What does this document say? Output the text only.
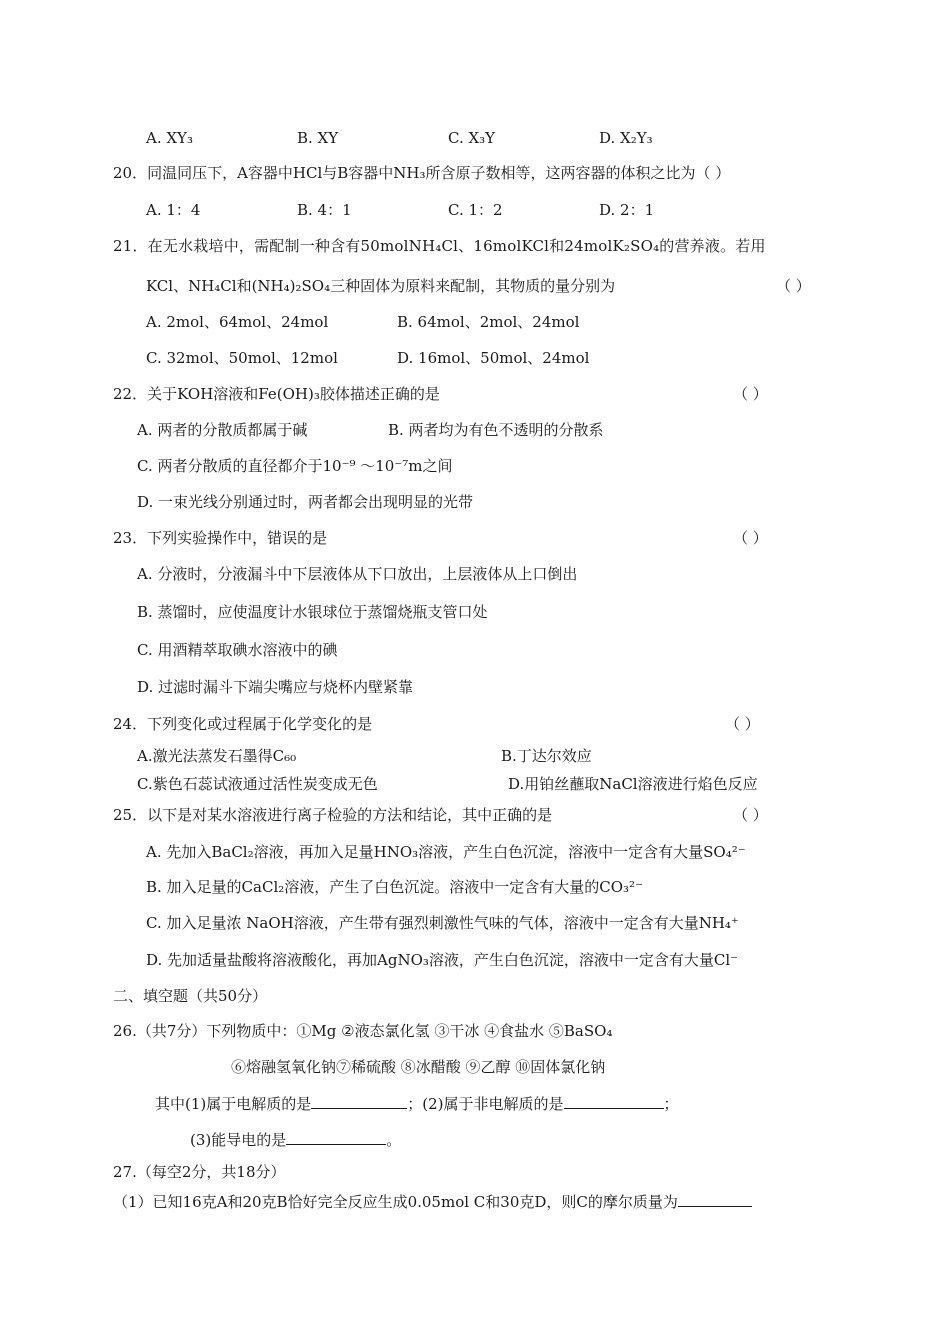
A. XY₃	B. XY	C. X₃Y	D. X₂Y₃
20．同温同压下，A容器中HCl与B容器中NH₃所含原子数相等，这两容器的体积之比为（ ）
A. 1：4	B. 4：1	C. 1：2	D. 2：1
21．在无水栽培中，需配制一种含有50molNH₄Cl、16molKCl和24molK₂SO₄的营养液。若用
KCl、NH₄Cl和(NH₄)₂SO₄三种固体为原料来配制，其物质的量分别为	（ ）
A. 2mol、64mol、24mol	B. 64mol、2mol、24mol
C. 32mol、50mol、12mol	D. 16mol、50mol、24mol
22．关于KOH溶液和Fe(OH)₃胶体描述正确的是	（ ）
A. 两者的分散质都属于碱	B. 两者均为有色不透明的分散系
C. 两者分散质的直径都介于10⁻⁹ ～10⁻⁷m之间
D. 一束光线分别通过时，两者都会出现明显的光带
23．下列实验操作中，错误的是	（ ）
A. 分液时，分液漏斗中下层液体从下口放出，上层液体从上口倒出
B. 蒸馏时，应使温度计水银球位于蒸馏烧瓶支管口处
C. 用酒精萃取碘水溶液中的碘
D. 过滤时漏斗下端尖嘴应与烧杯内壁紧靠
24．下列变化或过程属于化学变化的是	（ ）
A.激光法蒸发石墨得C₆₀	B.丁达尔效应
C.紫色石蕊试液通过活性炭变成无色	D.用铂丝蘸取NaCl溶液进行焰色反应
25．以下是对某水溶液进行离子检验的方法和结论，其中正确的是	（ ）
A. 先加入BaCl₂溶液，再加入足量HNO₃溶液，产生白色沉淀，溶液中一定含有大量SO₄²⁻
B. 加入足量的CaCl₂溶液，产生了白色沉淀。溶液中一定含有大量的CO₃²⁻
C. 加入足量浓 NaOH溶液，产生带有强烈刺激性气味的气体，溶液中一定含有大量NH₄⁺
D. 先加适量盐酸将溶液酸化，再加AgNO₃溶液，产生白色沉淀，溶液中一定含有大量Cl⁻
二、填空题（共50分）
26.（共7分）下列物质中：①Mg ②液态氯化氢 ③干冰 ④食盐水 ⑤BaSO₄
⑥熔融氢氧化钠⑦稀硫酸 ⑧冰醋酸 ⑨乙醇 ⑩固体氯化钠
其中(1)属于电解质的是	；(2)属于非电解质的是	；
(3)能导电的是	。
27.（每空2分，共18分）
（1）已知16克A和20克B恰好完全反应生成0.05mol C和30克D，则C的摩尔质量为
